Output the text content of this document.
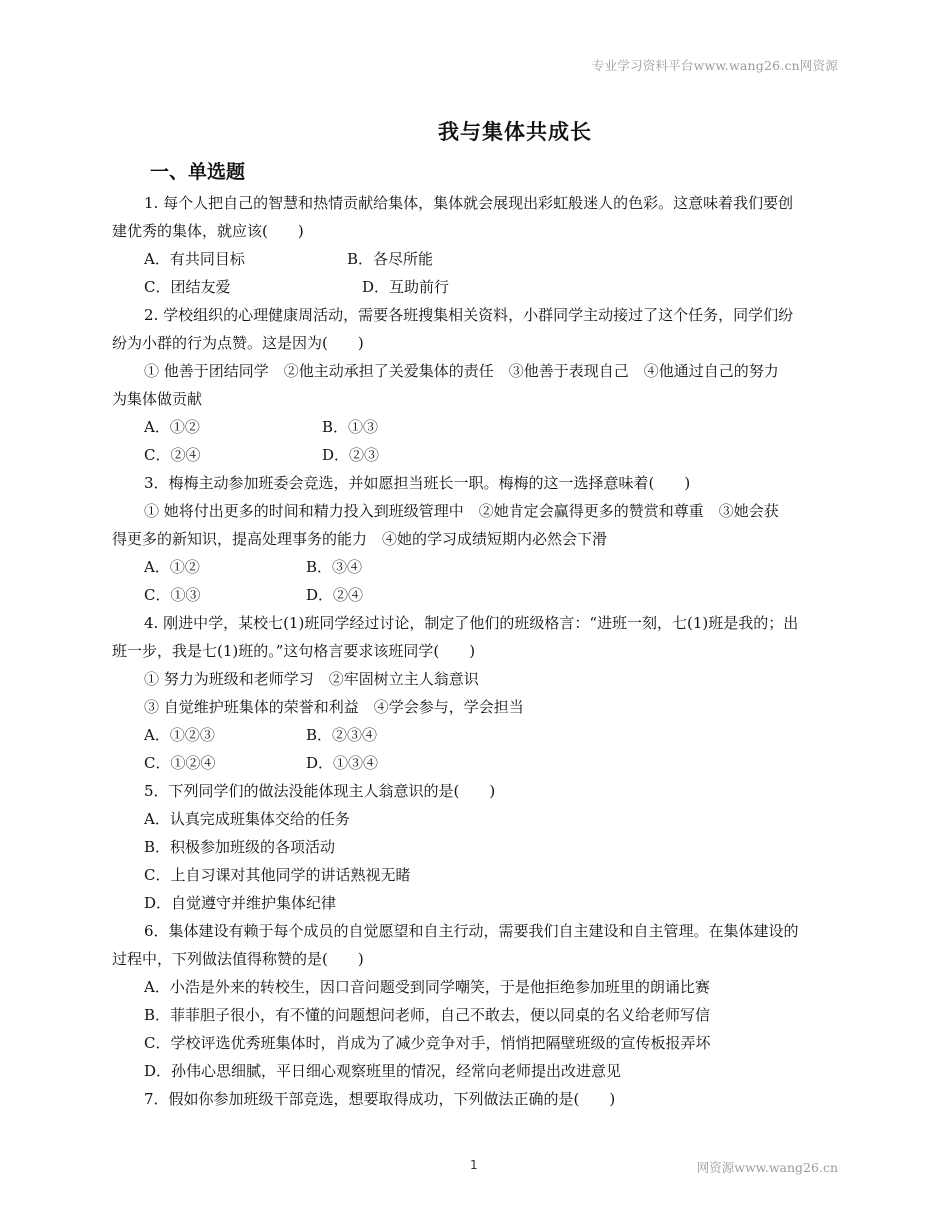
专业学习资料平台www.wang26.cn网资源
我与集体共成长
一、单选题
1. 每个人把自己的智慧和热情贡献给集体，集体就会展现出彩虹般迷人的色彩。这意味着我们要创
建优秀的集体，就应该(　　)
A．有共同目标	B．各尽所能
C．团结友爱	D．互助前行
2. 学校组织的心理健康周活动，需要各班搜集相关资料，小群同学主动接过了这个任务，同学们纷
纷为小群的行为点赞。这是因为(　　)
① 他善于团结同学　②他主动承担了关爱集体的责任　③他善于表现自己　④他通过自己的努力
为集体做贡献
A．①②	B．①③
C．②④	D．②③
3．梅梅主动参加班委会竞选，并如愿担当班长一职。梅梅的这一选择意味着(　　)
① 她将付出更多的时间和精力投入到班级管理中　②她肯定会赢得更多的赞赏和尊重　③她会获
得更多的新知识，提高处理事务的能力　④她的学习成绩短期内必然会下滑
A．①②	B．③④
C．①③	D．②④
4. 刚进中学，某校七(1)班同学经过讨论，制定了他们的班级格言：“进班一刻，七(1)班是我的；出
班一步，我是七(1)班的。”这句格言要求该班同学(　　)
① 努力为班级和老师学习　②牢固树立主人翁意识
③ 自觉维护班集体的荣誉和利益　④学会参与，学会担当
A．①②③	B．②③④
C．①②④	D．①③④
5．下列同学们的做法没能体现主人翁意识的是(　　)
A．认真完成班集体交给的任务
B．积极参加班级的各项活动
C．上自习课对其他同学的讲话熟视无睹
D．自觉遵守并维护集体纪律
6．集体建设有赖于每个成员的自觉愿望和自主行动，需要我们自主建设和自主管理。在集体建设的
过程中，下列做法值得称赞的是(　　)
A．小浩是外来的转校生，因口音问题受到同学嘲笑，于是他拒绝参加班里的朗诵比赛
B．菲菲胆子很小，有不懂的问题想问老师，自己不敢去，便以同桌的名义给老师写信
C．学校评选优秀班集体时，肖成为了减少竞争对手，悄悄把隔壁班级的宣传板报弄坏
D．孙伟心思细腻，平日细心观察班里的情况，经常向老师提出改进意见
7．假如你参加班级干部竞选，想要取得成功，下列做法正确的是(　　)
1	网资源www.wang26.cn
